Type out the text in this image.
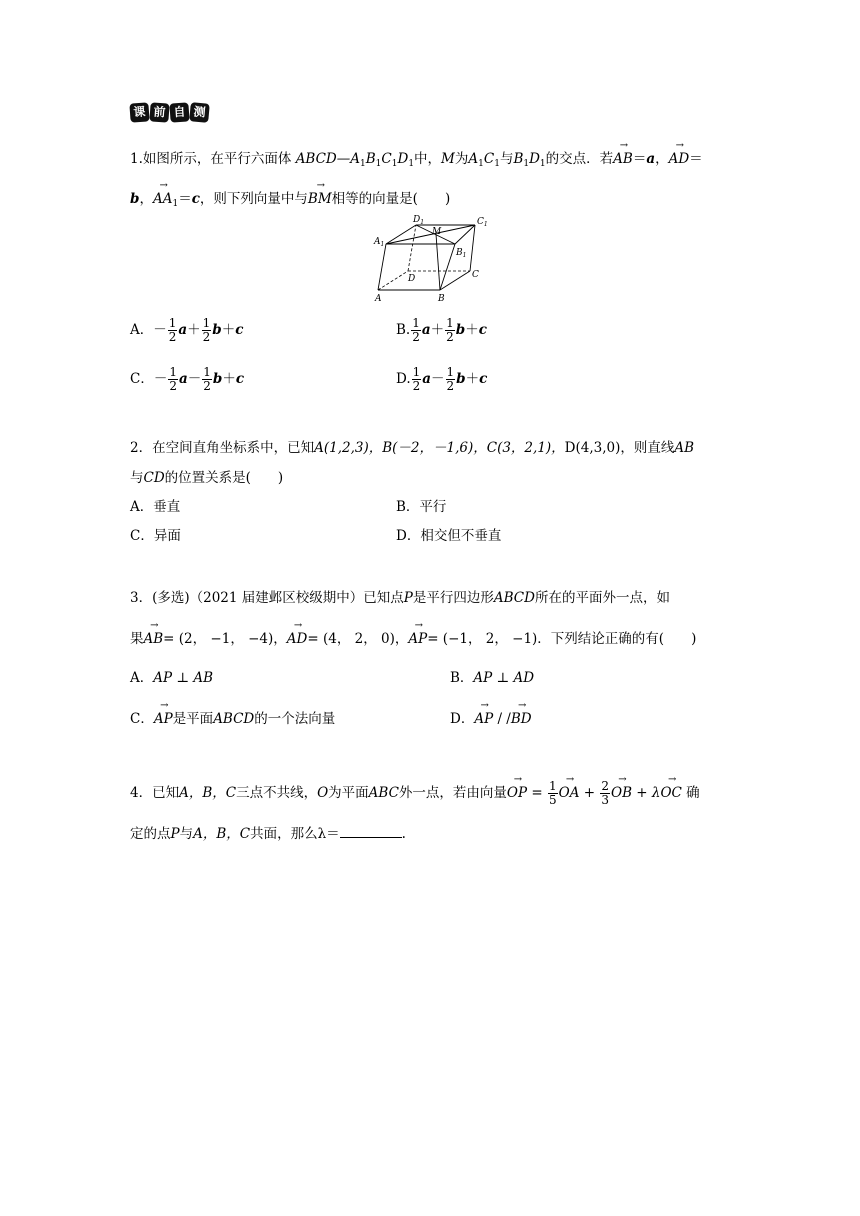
课 前 自 测
1.如图所示，在平行六面体 $ABCD—A_1B_1C_1D_1$中，M为$A_1C_1$与$B_1D_1$的交点．若→ AB＝a，→ AD＝
b，→ $AA_1=c$，则下列向量中与→ BM相等的向量是(　　)
$A_1$
$D_1$
M
$C_1$
$B_1$
D	C
A	B
A．－ $\frac{1}{2} a+ \frac{1}{2} b+c$	B. $\frac{1}{2} a+ \frac{1}{2} b+c$
C．－ $\frac{1}{2} a- \frac{1}{2} b+c$	D. $\frac{1}{2} a- \frac{1}{2} b+c$
2．在空间直角坐标系中，已知A(1,2,3)，B(－2，－1,6)，C(3，2,1)，D(4,3,0)，则直线AB
与CD的位置关系是(　　)
A．垂直	B．平行
C．异面	D．相交但不垂直
3．(多选)（2021 届建邺区校级期中）已知点P是平行四边形ABCD所在的平面外一点，如
果→ AB= (2， −1， −4)，→ AD= (4， 2， 0)，→ AP= (−1， 2， −1)．下列结论正确的有(　　)
A．AP ⊥ AB	B．AP ⊥ AD
C．→ AP是平面ABCD的一个法向量	D．→ AP / /→ BD
4．已知A，B，C三点不共线，O为平面ABC外一点，若由向量→ OP = $\frac{1}{5}$ → OA + $\frac{2}{3}$ → OB + λ→ OC 确
定的点P与A，B，C共面，那么λ＝	.
